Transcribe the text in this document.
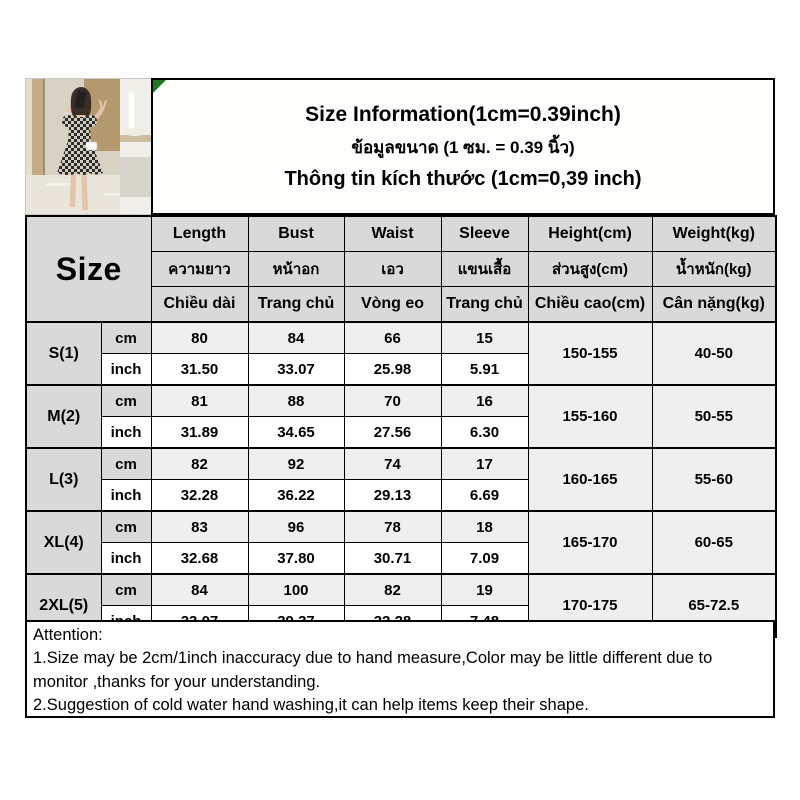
Size Information(1cm=0.39inch)
ข้อมูลขนาด (1 ซม. = 0.39 นิ้ว)
Thông tin kích thước (1cm=0,39 inch)
Size		Length	Bust	Waist	Sleeve	Height(cm)	Weight(kg)
		ความยาว	หน้าอก	เอว	แขนเสื้อ	ส่วนสูง(cm)	น้ำหนัก(kg)
		Chiều dài	Trang chủ	Vòng eo	Trang chủ	Chiều cao(cm)	Cân nặng(kg)
S(1)	cm	80	84	66	15	150-155	40-50
	inch	31.50	33.07	25.98	5.91		
M(2)	cm	81	88	70	16	155-160	50-55
	inch	31.89	34.65	27.56	6.30		
L(3)	cm	82	92	74	17	160-165	55-60
	inch	32.28	36.22	29.13	6.69		
XL(4)	cm	83	96	78	18	165-170	60-65
	inch	32.68	37.80	30.71	7.09		
2XL(5)	cm	84	100	82	19	170-175	65-72.5

Attention:
1.Size may be 2cm/1inch inaccuracy due to hand measure,Color may be little different due to monitor ,thanks for your understanding.
2.Suggestion of cold water hand washing,it can help items keep their shape.
